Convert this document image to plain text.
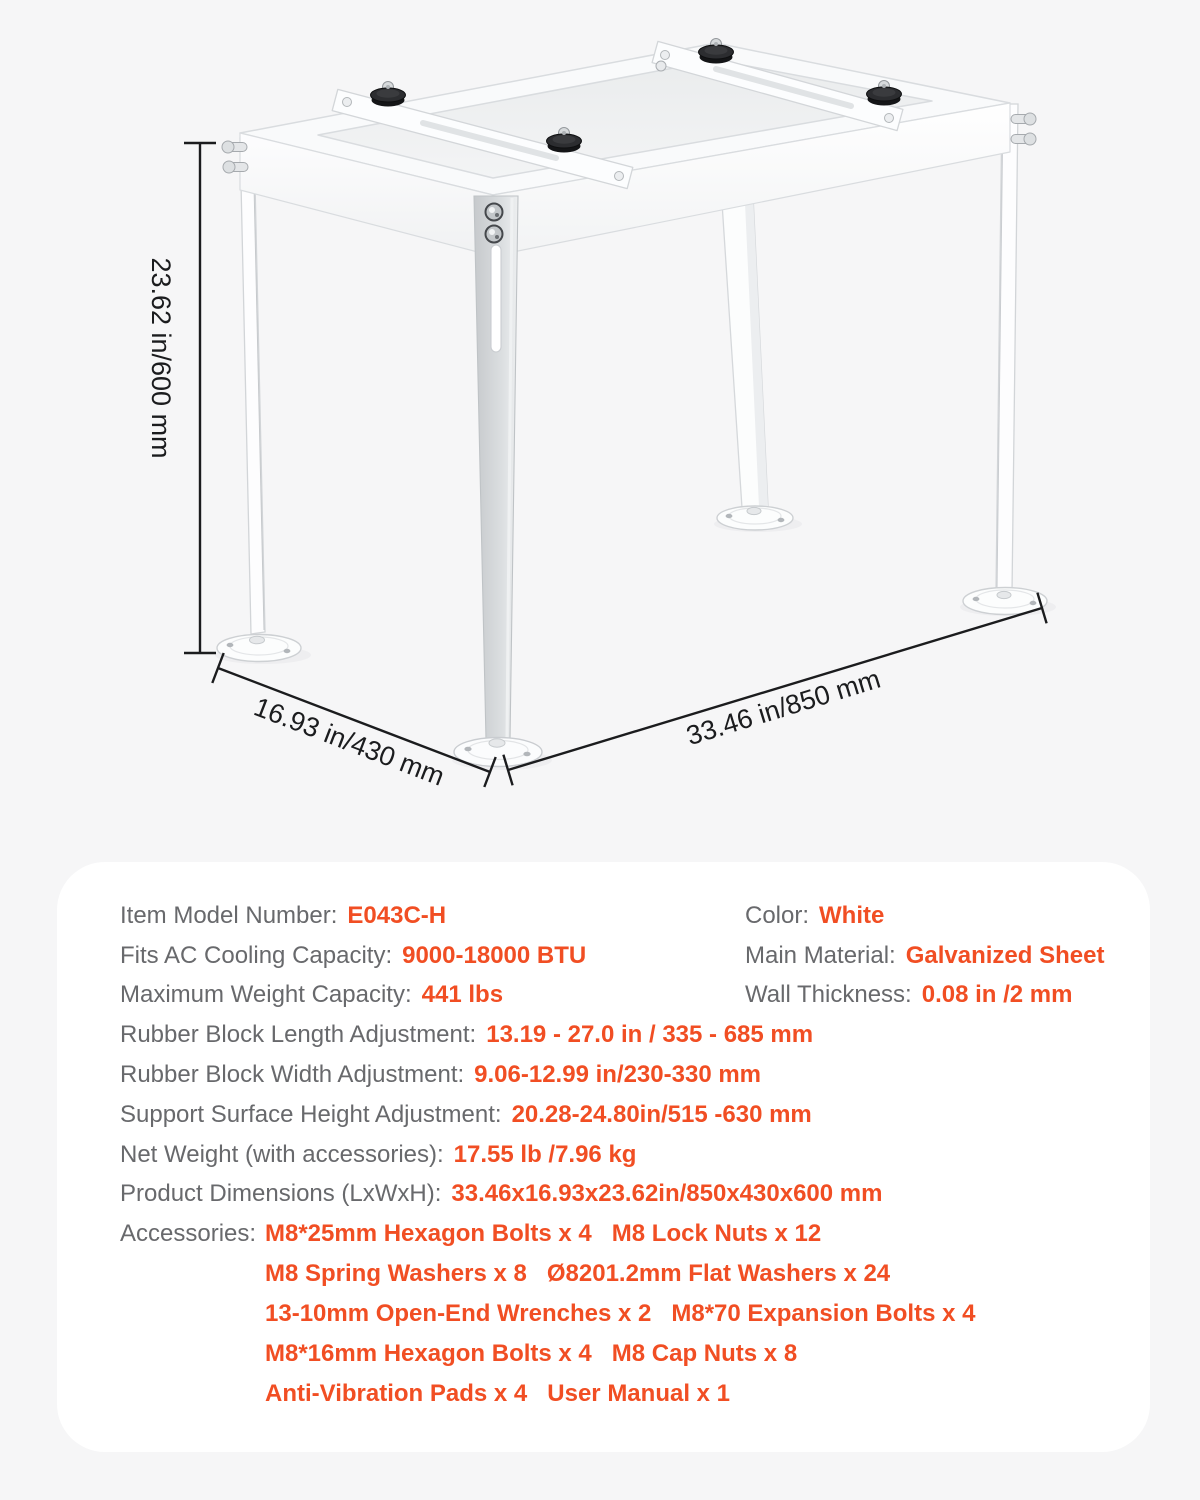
23.62 in/600 mm
16.93 in/430 mm	33.46 in/850 mm
Item Model Number: E043C-H	Color: White
Fits AC Cooling Capacity: 9000-18000 BTU	Main Material: Galvanized Sheet
Maximum Weight Capacity: 441 lbs	Wall Thickness: 0.08 in /2 mm
Rubber Block Length Adjustment: 13.19 - 27.0 in / 335 - 685 mm
Rubber Block Width Adjustment: 9.06-12.99 in/230-330 mm
Support Surface Height Adjustment: 20.28-24.80in/515 -630 mm
Net Weight (with accessories): 17.55 lb /7.96 kg
Product Dimensions (LxWxH): 33.46x16.93x23.62in/850x430x600 mm
Accessories: M8*25mm Hexagon Bolts x 4   M8 Lock Nuts x 12
M8 Spring Washers x 8   Ø8201.2mm Flat Washers x 24
13-10mm Open-End Wrenches x 2   M8*70 Expansion Bolts x 4
M8*16mm Hexagon Bolts x 4   M8 Cap Nuts x 8
Anti-Vibration Pads x 4   User Manual x 1
